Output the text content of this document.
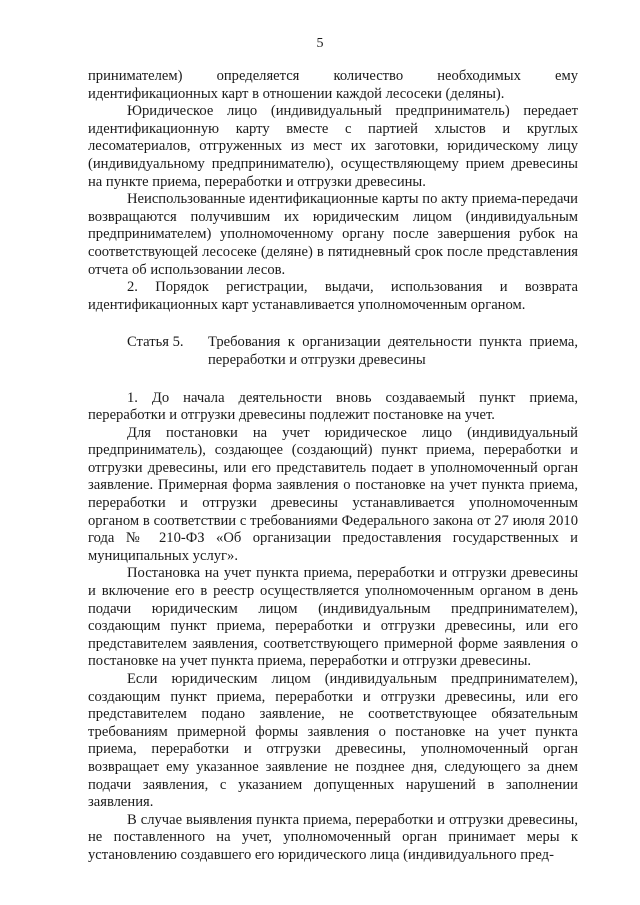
5

принимателем) определяется количество необходимых ему идентификационных карт в отношении каждой лесосеки (деляны).

Юридическое лицо (индивидуальный предприниматель) передает идентификационную карту вместе с партией хлыстов и круглых лесоматериалов, отгруженных из мест их заготовки, юридическому лицу (индивидуальному предпринимателю), осуществляющему прием древесины на пункте приема, переработки и отгрузки древесины.

Неиспользованные идентификационные карты по акту приема-передачи возвращаются получившим их юридическим лицом (индивидуальным предпринимателем) уполномоченному органу после завершения рубок на соответствующей лесосеке (деляне) в пятидневный срок после представления отчета об использовании лесов.

2. Порядок регистрации, выдачи, использования и возврата идентификационных карт устанавливается уполномоченным органом.

Статья 5.	Требования к организации деятельности пункта приема, переработки и отгрузки древесины

1. До начала деятельности вновь создаваемый пункт приема, переработки и отгрузки древесины подлежит постановке на учет.

Для постановки на учет юридическое лицо (индивидуальный предприниматель), создающее (создающий) пункт приема, переработки и отгрузки древесины, или его представитель подает в уполномоченный орган заявление. Примерная форма заявления о постановке на учет пункта приема, переработки и отгрузки древесины устанавливается уполномоченным органом в соответствии с требованиями Федерального закона от 27 июля 2010 года № 210-ФЗ «Об организации предоставления государственных и муниципальных услуг».

Постановка на учет пункта приема, переработки и отгрузки древесины и включение его в реестр осуществляется уполномоченным органом в день подачи юридическим лицом (индивидуальным предпринимателем), создающим пункт приема, переработки и отгрузки древесины, или его представителем заявления, соответствующего примерной форме заявления о постановке на учет пункта приема, переработки и отгрузки древесины.

Если юридическим лицом (индивидуальным предпринимателем), создающим пункт приема, переработки и отгрузки древесины, или его представителем подано заявление, не соответствующее обязательным требованиям примерной формы заявления о постановке на учет пункта приема, переработки и отгрузки древесины, уполномоченный орган возвращает ему указанное заявление не позднее дня, следующего за днем подачи заявления, с указанием допущенных нарушений в заполнении заявления.

В случае выявления пункта приема, переработки и отгрузки древесины, не поставленного на учет, уполномоченный орган принимает меры к установлению создавшего его юридического лица (индивидуального пред-
